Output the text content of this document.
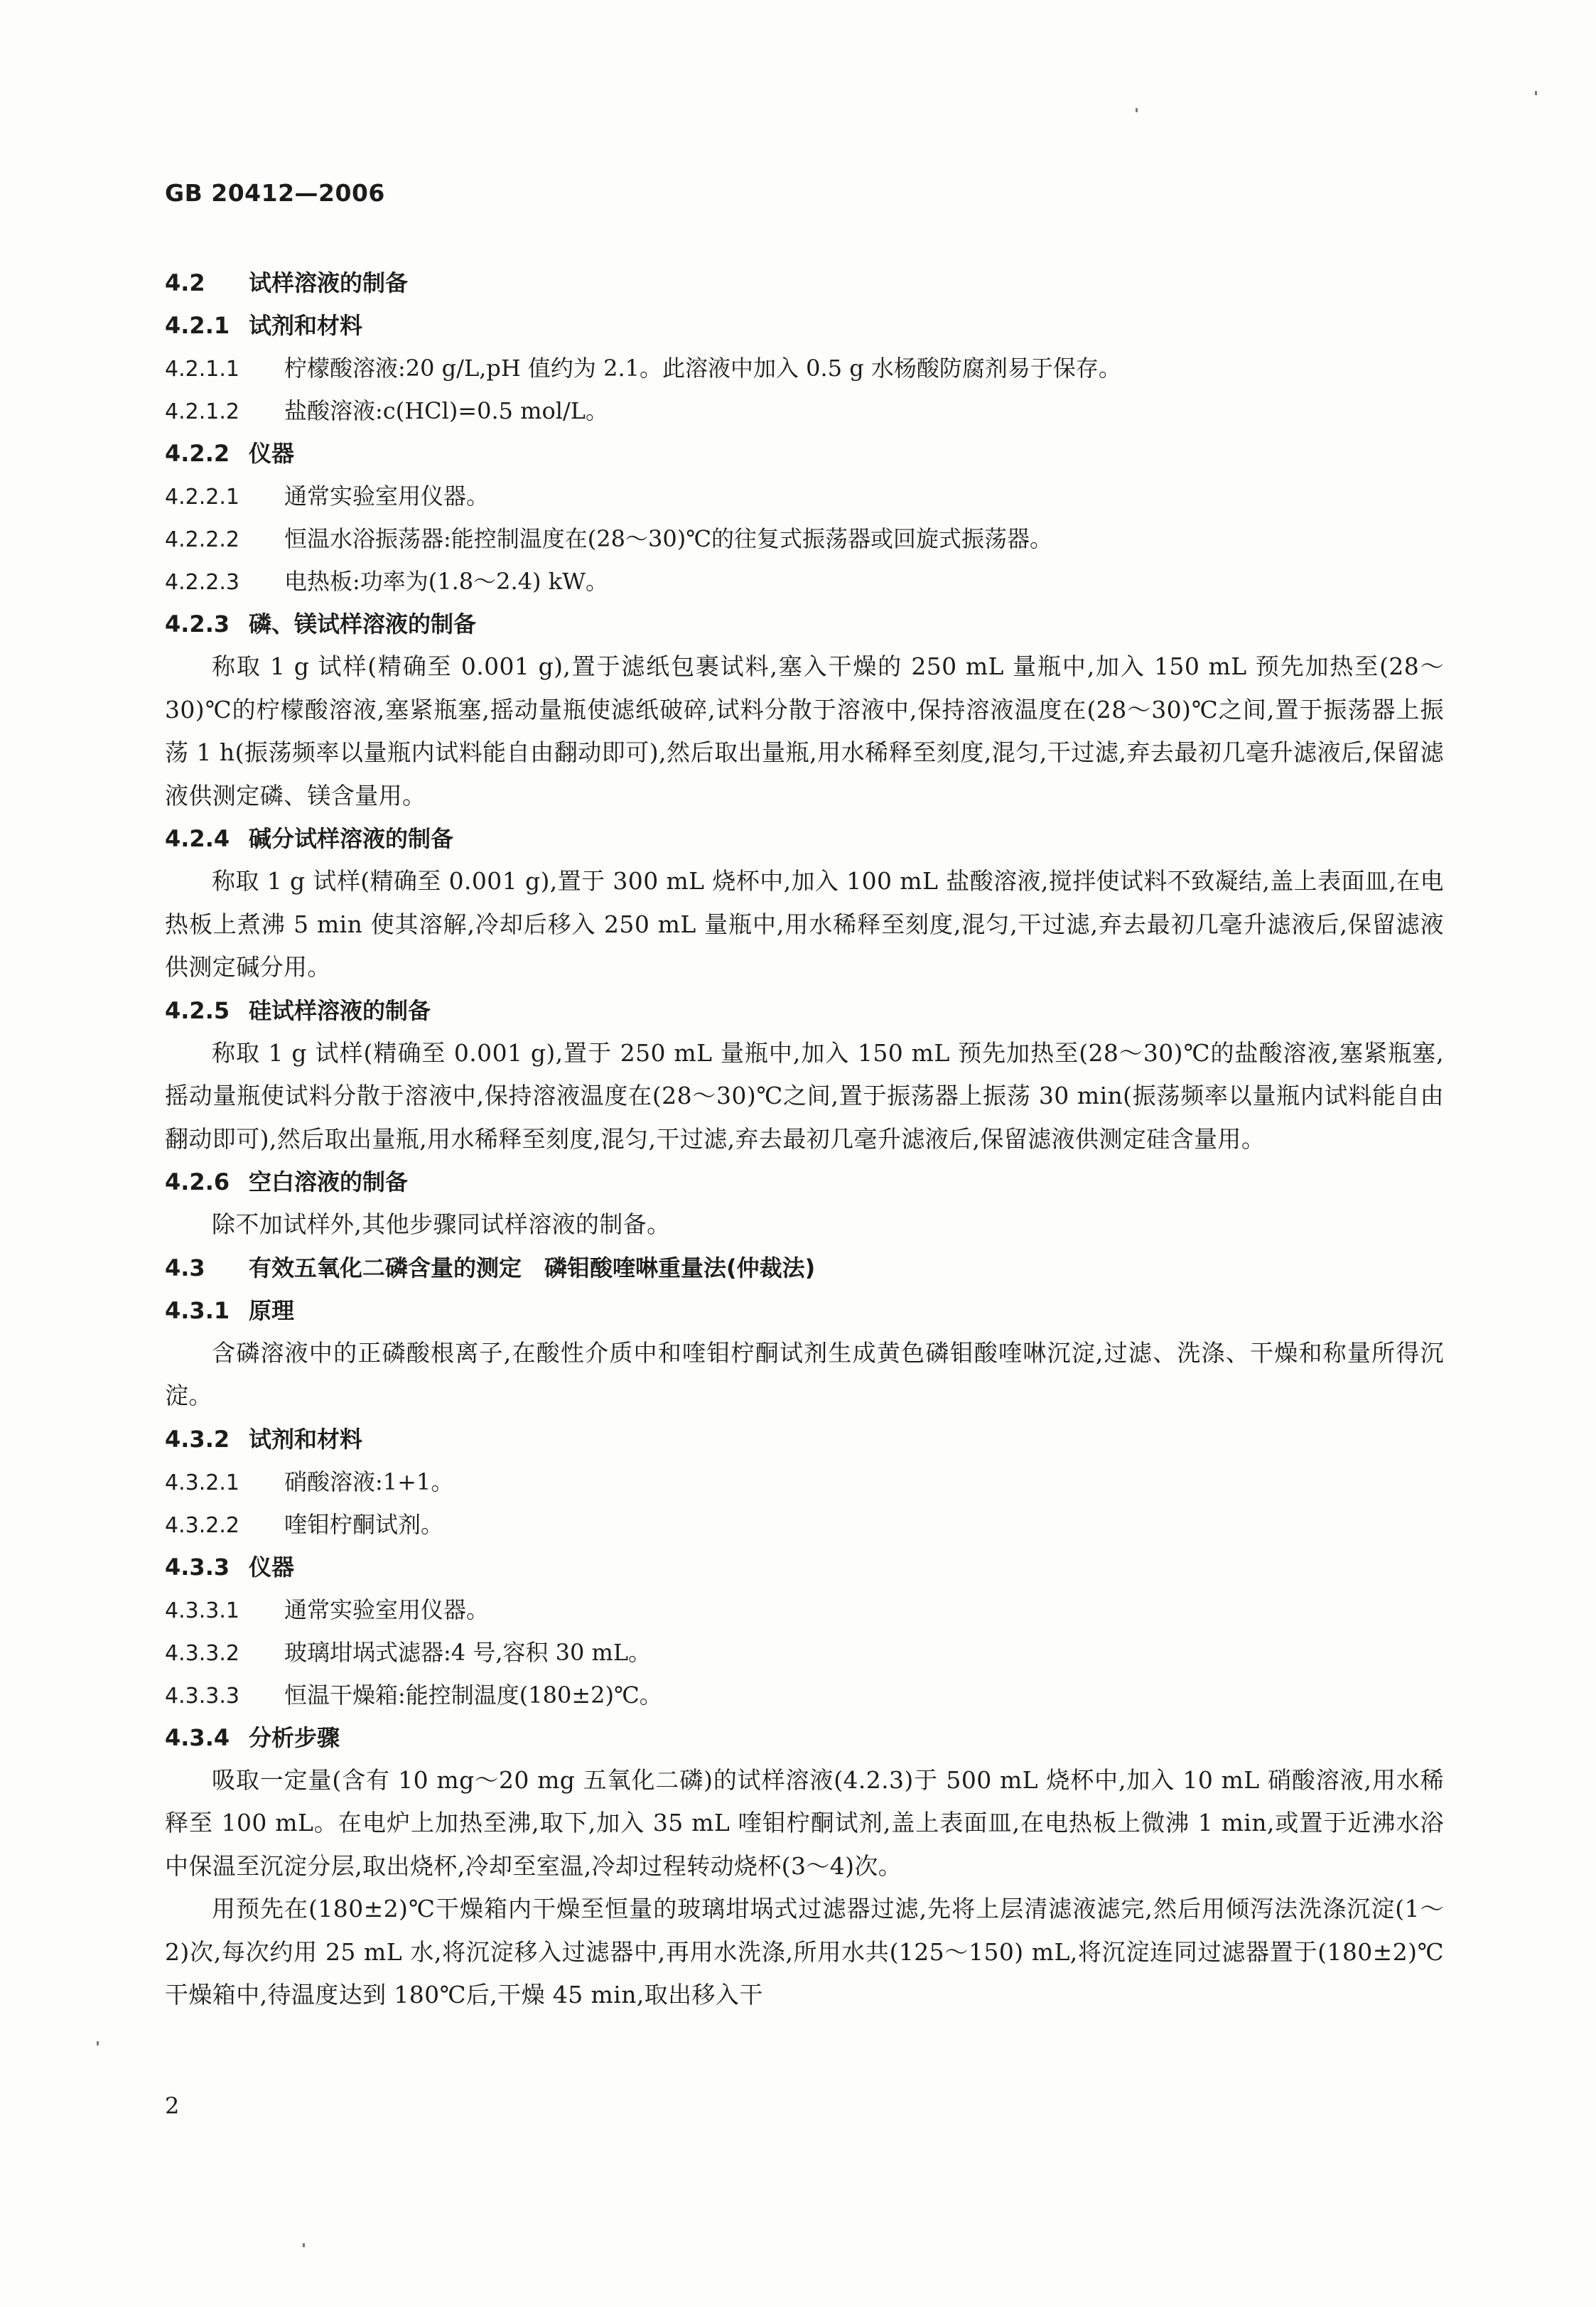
GB 20412—2006
4.2 试样溶液的制备
4.2.1 试剂和材料
4.2.1.1 柠檬酸溶液:20 g/L,pH 值约为 2.1。此溶液中加入 0.5 g 水杨酸防腐剂易于保存。
4.2.1.2 盐酸溶液:c(HCl)=0.5 mol/L。
4.2.2 仪器
4.2.2.1 通常实验室用仪器。
4.2.2.2 恒温水浴振荡器:能控制温度在(28～30)℃的往复式振荡器或回旋式振荡器。
4.2.2.3 电热板:功率为(1.8～2.4) kW。
4.2.3 磷、镁试样溶液的制备

称取 1 g 试样(精确至 0.001 g),置于滤纸包裹试料,塞入干燥的 250 mL 量瓶中,加入 150 mL 预先加热至(28～30)℃的柠檬酸溶液,塞紧瓶塞,摇动量瓶使滤纸破碎,试料分散于溶液中,保持溶液温度在(28～30)℃之间,置于振荡器上振荡 1 h(振荡频率以量瓶内试料能自由翻动即可),然后取出量瓶,用水稀释至刻度,混匀,干过滤,弃去最初几毫升滤液后,保留滤液供测定磷、镁含量用。

4.2.4 碱分试样溶液的制备

称取 1 g 试样(精确至 0.001 g),置于 300 mL 烧杯中,加入 100 mL 盐酸溶液,搅拌使试料不致凝结,盖上表面皿,在电热板上煮沸 5 min 使其溶解,冷却后移入 250 mL 量瓶中,用水稀释至刻度,混匀,干过滤,弃去最初几毫升滤液后,保留滤液供测定碱分用。

4.2.5 硅试样溶液的制备

称取 1 g 试样(精确至 0.001 g),置于 250 mL 量瓶中,加入 150 mL 预先加热至(28～30)℃的盐酸溶液,塞紧瓶塞,摇动量瓶使试料分散于溶液中,保持溶液温度在(28～30)℃之间,置于振荡器上振荡 30 min(振荡频率以量瓶内试料能自由翻动即可),然后取出量瓶,用水稀释至刻度,混匀,干过滤,弃去最初几毫升滤液后,保留滤液供测定硅含量用。

4.2.6 空白溶液的制备

除不加试样外,其他步骤同试样溶液的制备。

4.3 有效五氧化二磷含量的测定　磷钼酸喹啉重量法(仲裁法)
4.3.1 原理

含磷溶液中的正磷酸根离子,在酸性介质中和喹钼柠酮试剂生成黄色磷钼酸喹啉沉淀,过滤、洗涤、干燥和称量所得沉淀。

4.3.2 试剂和材料
4.3.2.1 硝酸溶液:1+1。
4.3.2.2 喹钼柠酮试剂。
4.3.3 仪器
4.3.3.1 通常实验室用仪器。
4.3.3.2 玻璃坩埚式滤器:4 号,容积 30 mL。
4.3.3.3 恒温干燥箱:能控制温度(180±2)℃。
4.3.4 分析步骤

吸取一定量(含有 10 mg～20 mg 五氧化二磷)的试样溶液(4.2.3)于 500 mL 烧杯中,加入 10 mL 硝酸溶液,用水稀释至 100 mL。在电炉上加热至沸,取下,加入 35 mL 喹钼柠酮试剂,盖上表面皿,在电热板上微沸 1 min,或置于近沸水浴中保温至沉淀分层,取出烧杯,冷却至室温,冷却过程转动烧杯(3～4)次。

用预先在(180±2)℃干燥箱内干燥至恒量的玻璃坩埚式过滤器过滤,先将上层清滤液滤完,然后用倾泻法洗涤沉淀(1～2)次,每次约用 25 mL 水,将沉淀移入过滤器中,再用水洗涤,所用水共(125～150) mL,将沉淀连同过滤器置于(180±2)℃干燥箱中,待温度达到 180℃后,干燥 45 min,取出移入干

2
